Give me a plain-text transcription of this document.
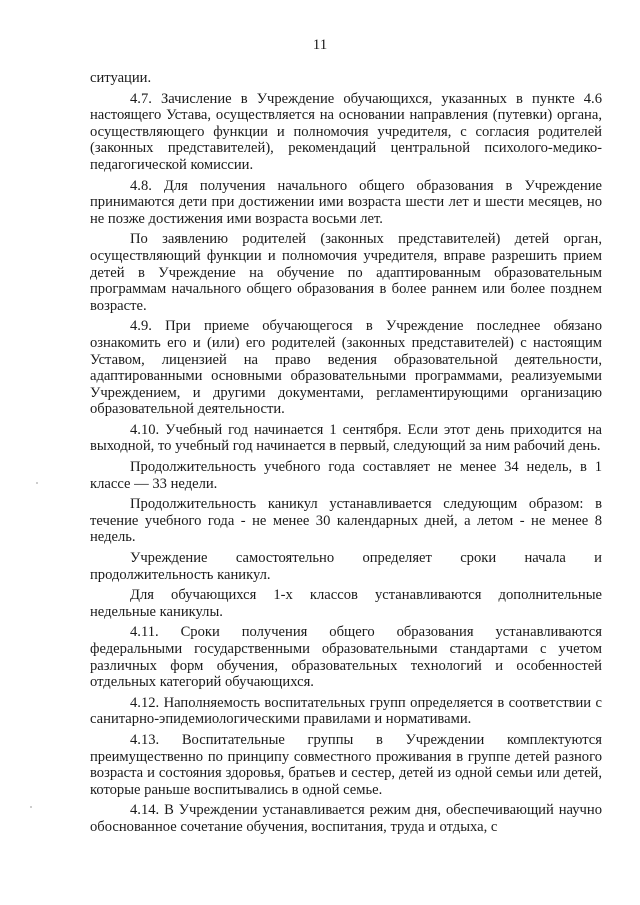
11

ситуации.

4.7. Зачисление в Учреждение обучающихся, указанных в пункте 4.6 настоящего Устава, осуществляется на основании направления (путевки) органа, осуществляющего функции и полномочия учредителя, с согласия родителей (законных представителей), рекомендаций центральной психолого-медико-педагогической комиссии.

4.8. Для получения начального общего образования в Учреждение принимаются дети при достижении ими возраста шести лет и шести месяцев, но не позже достижения ими возраста восьми лет.

По заявлению родителей (законных представителей) детей орган, осуществляющий функции и полномочия учредителя, вправе разрешить прием детей в Учреждение на обучение по адаптированным образовательным программам начального общего образования в более раннем или более позднем возрасте.

4.9. При приеме обучающегося в Учреждение последнее обязано ознакомить его и (или) его родителей (законных представителей) с настоящим Уставом, лицензией на право ведения образовательной деятельности, адаптированными основными образовательными программами, реализуемыми Учреждением, и другими документами, регламентирующими организацию образовательной деятельности.

4.10. Учебный год начинается 1 сентября. Если этот день приходится на выходной, то учебный год начинается в первый, следующий за ним рабочий день.

Продолжительность учебного года составляет не менее 34 недель, в 1 классе — 33 недели.

Продолжительность каникул устанавливается следующим образом: в течение учебного года - не менее 30 календарных дней, а летом - не менее 8 недель.

Учреждение самостоятельно определяет сроки начала и продолжительность каникул.

Для обучающихся 1-х классов устанавливаются дополнительные недельные каникулы.

4.11. Сроки получения общего образования устанавливаются федеральными государственными образовательными стандартами с учетом различных форм обучения, образовательных технологий и особенностей отдельных категорий обучающихся.

4.12. Наполняемость воспитательных групп определяется в соответствии с санитарно-эпидемиологическими правилами и нормативами.

4.13. Воспитательные группы в Учреждении комплектуются преимущественно по принципу совместного проживания в группе детей разного возраста и состояния здоровья, братьев и сестер, детей из одной семьи или детей, которые раньше воспитывались в одной семье.

4.14. В Учреждении устанавливается режим дня, обеспечивающий научно обоснованное сочетание обучения, воспитания, труда и отдыха, с
